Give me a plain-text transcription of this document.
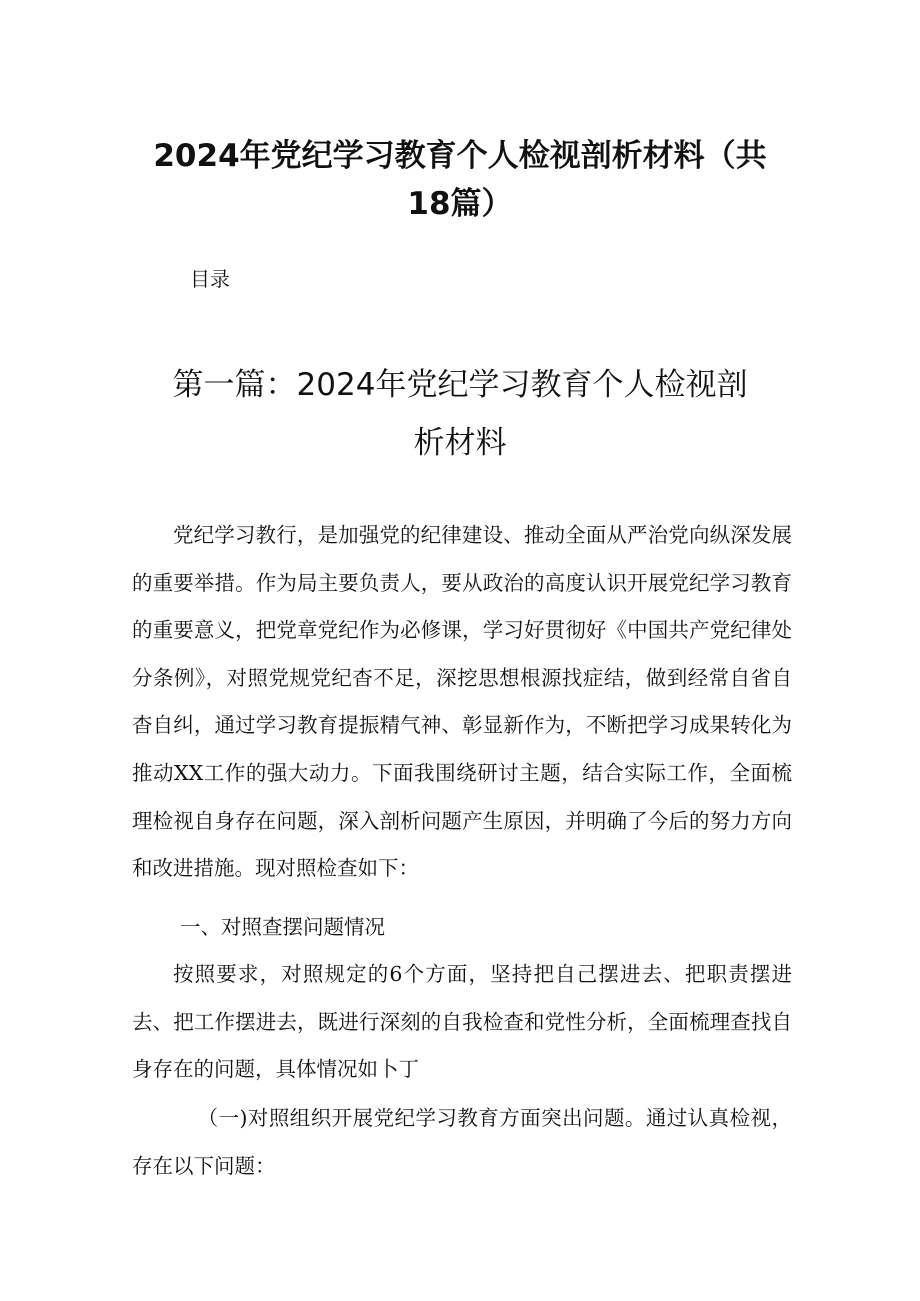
2024年党纪学习教育个人检视剖析材料（共
18篇）
目录
第一篇：2024年党纪学习教育个人检视剖
析材料

党纪学习教行，是加强党的纪律建设、推动全面从严治党向纵深发展的重要举措。作为局主要负责人，要从政治的高度认识开展党纪学习教育的重要意义，把党章党纪作为必修课，学习好贯彻好《中国共产党纪律处分条例》，对照党规党纪杳不足，深挖思想根源找症结，做到经常自省自杳自纠，通过学习教育提振精气神、彰显新作为，不断把学习成果转化为推动XX工作的强大动力。下面我围绕研讨主题，结合实际工作，全面梳理检视自身存在问题，深入剖析问题产生原因，并明确了今后的努力方向和改进措施。现对照检查如下：

一、对照查摆问题情况

按照要求，对照规定的6个方面，坚持把自己摆进去、把职责摆进去、把工作摆进去，既进行深刻的自我检查和党性分析，全面梳理查找自身存在的问题，具体情况如卜丁

（一)对照组织开展党纪学习教育方面突出问题。通过认真检视，存在以下问题：
